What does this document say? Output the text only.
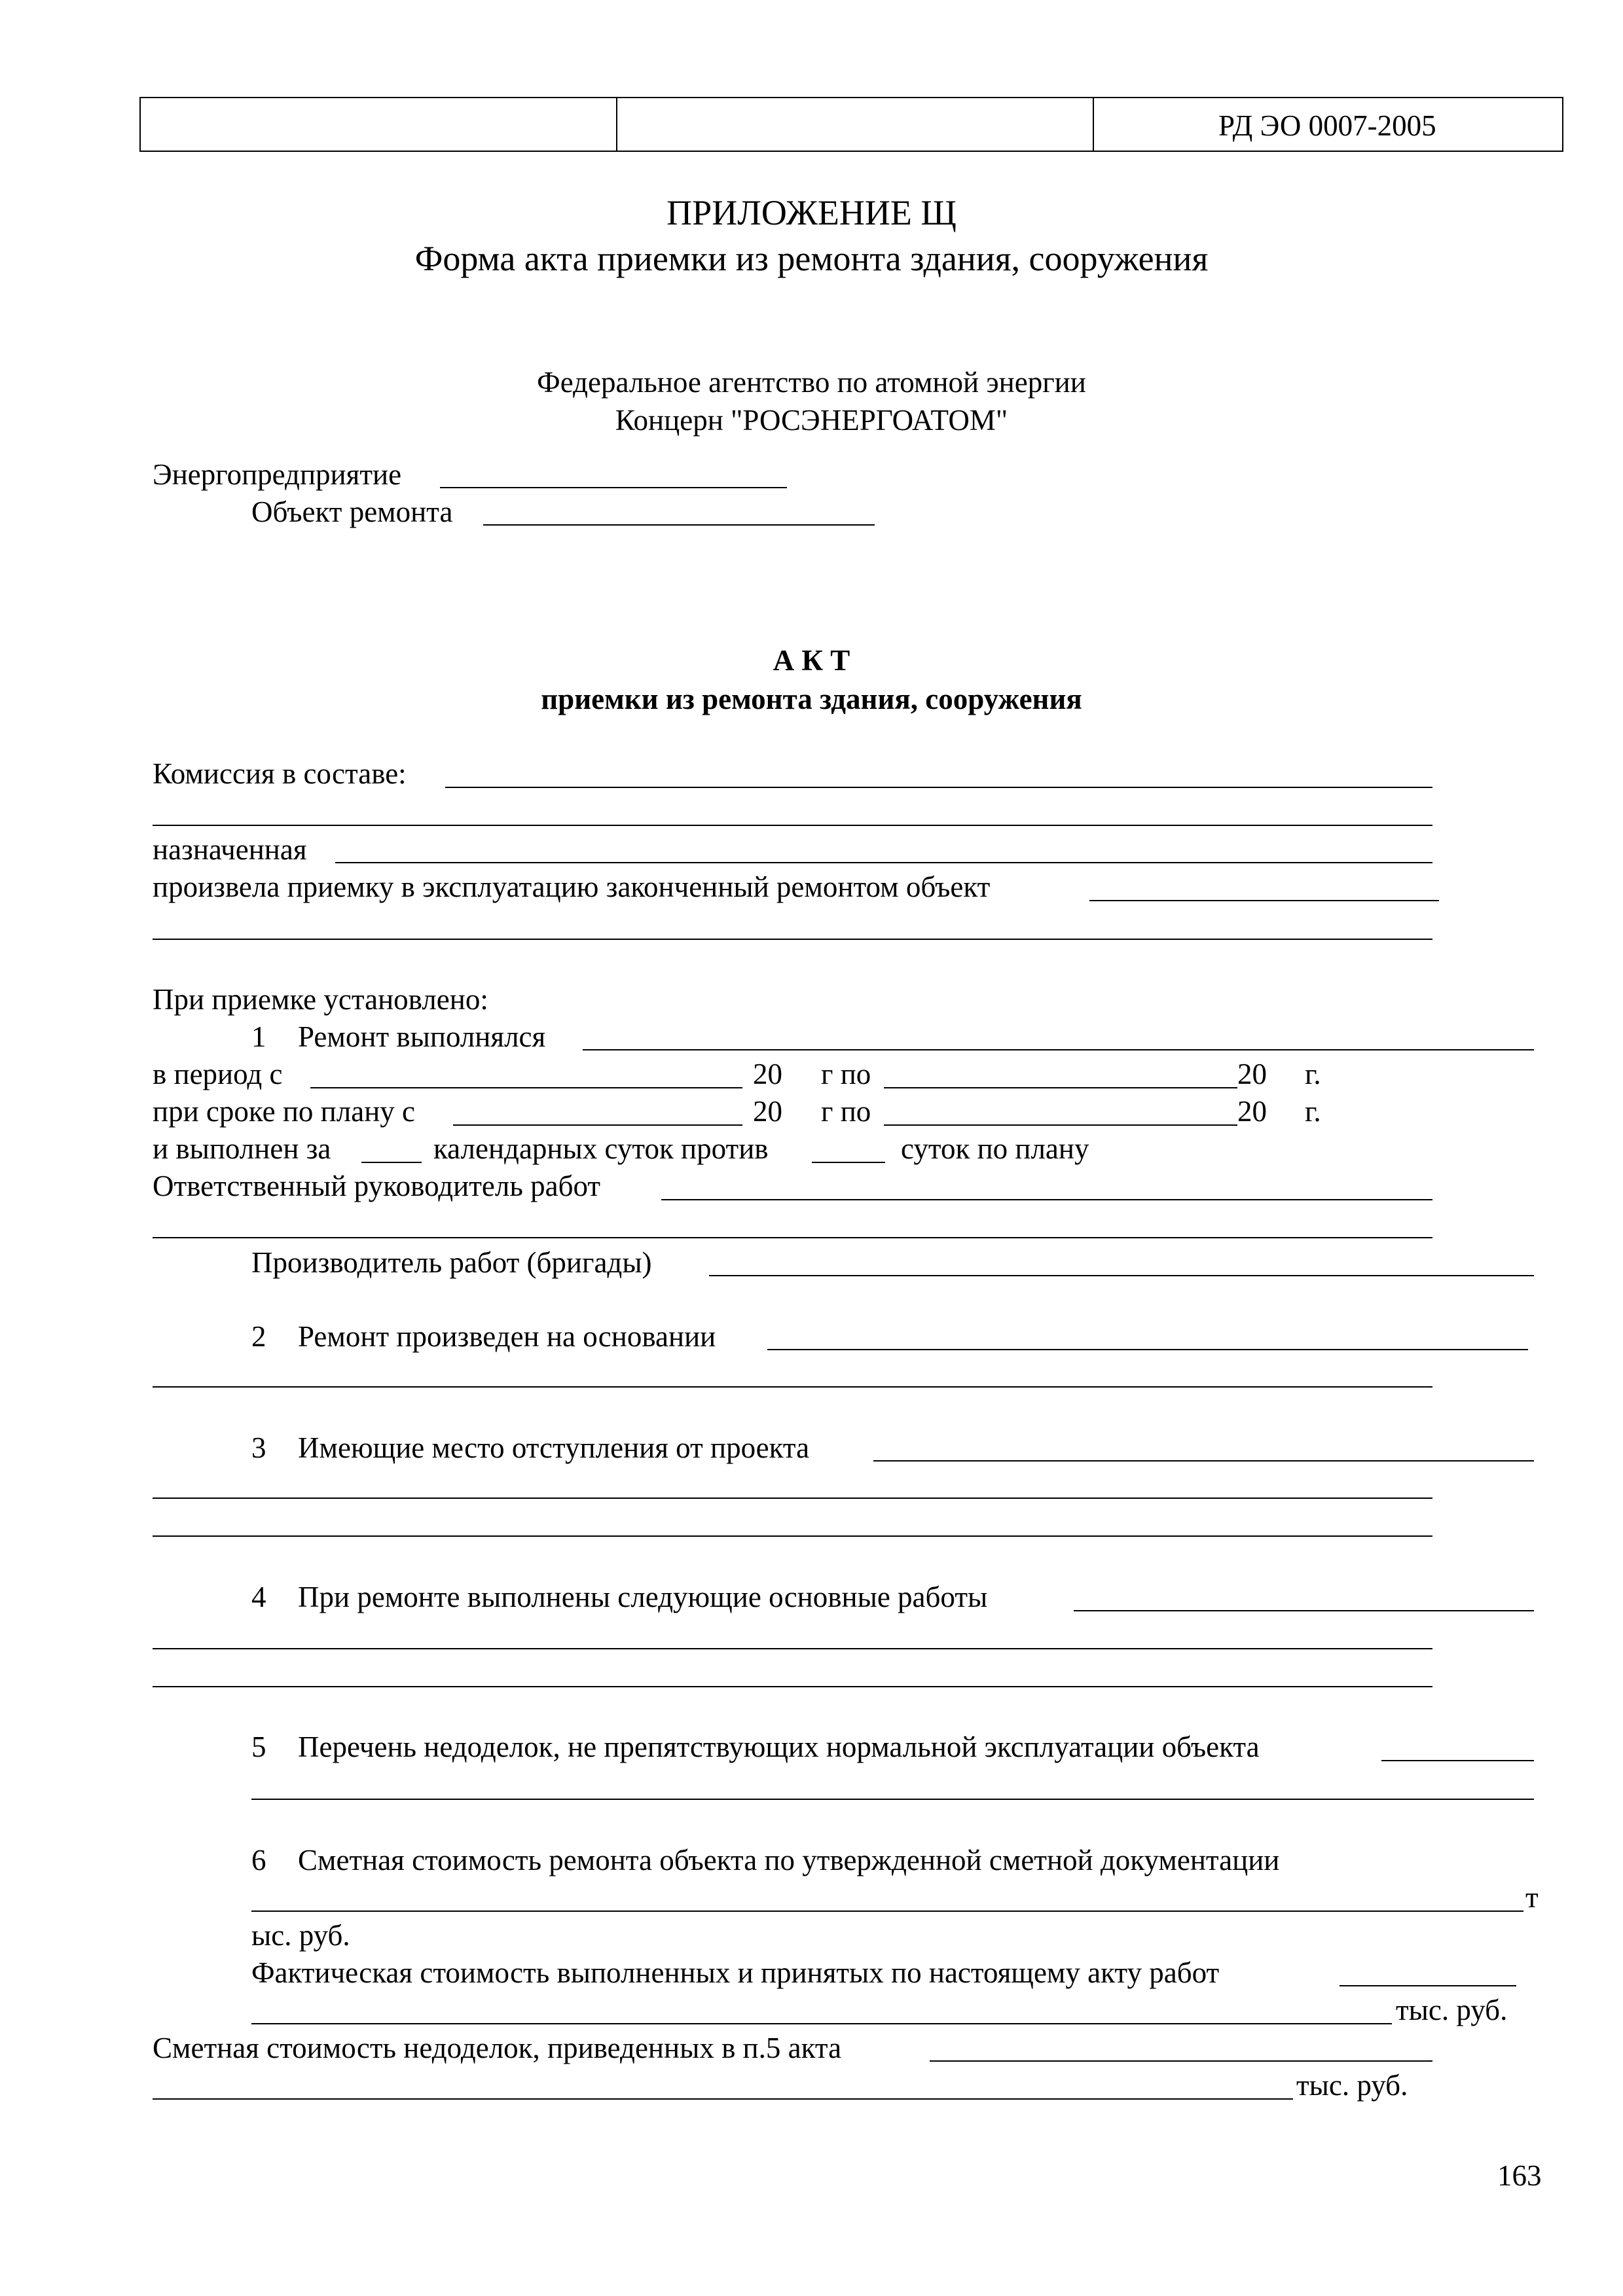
РД ЭО 0007-2005
ПРИЛОЖЕНИЕ Щ
Форма акта приемки из ремонта здания, сооружения
Федеральное агентство по атомной энергии
Концерн "РОСЭНЕРГОАТОМ"
Энергопредприятие
Объект ремонта
А К Т
приемки из ремонта здания, сооружения
Комиссия в составе:
назначенная
произвела приемку в эксплуатацию законченный ремонтом объект
При приемке установлено:
1 Ремонт выполнялся
в период с	20 г по	20 г.
при сроке по плану с	20 г по	20 г.
и выполнен за	календарных суток против	суток по плану
Ответственный руководитель работ
Производитель работ (бригады)
2 Ремонт произведен на основании
3 Имеющие место отступления от проекта
4 При ремонте выполнены следующие основные работы
5 Перечень недоделок, не препятствующих нормальной эксплуатации объекта
6 Сметная стоимость ремонта объекта по утвержденной сметной документации
т
ыс. руб.
Фактическая стоимость выполненных и принятых по настоящему акту работ
тыс. руб.
Сметная стоимость недоделок, приведенных в п.5 акта
тыс. руб.
163
